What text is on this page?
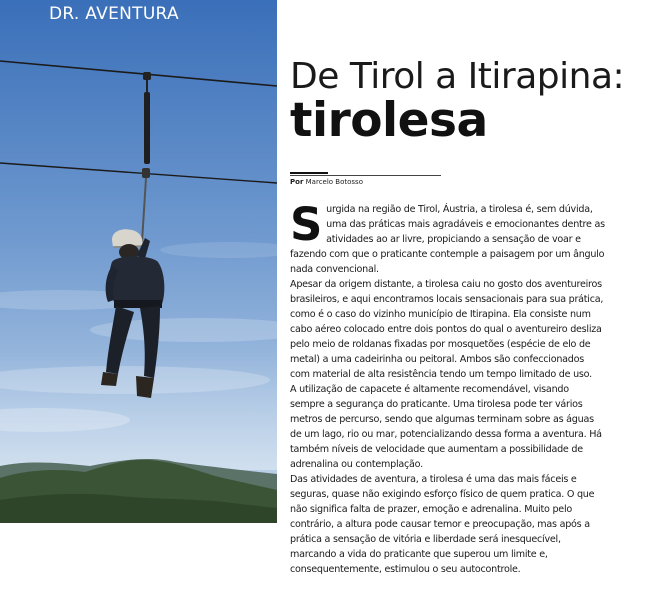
DR. AVENTURA
De Tirol a Itirapina:
tirolesa
Por Marcelo Botosso

Surgida na região de Tirol, Áustria, a tirolesa é, sem dúvida, uma das práticas mais agradáveis e emocionantes dentre as atividades ao ar livre, propiciando a sensação de voar e fazendo com que o praticante contemple a paisagem por um ângulo nada convencional.

Apesar da origem distante, a tirolesa caiu no gosto dos aventureiros brasileiros, e aqui encontramos locais sensacionais para sua prática, como é o caso do vizinho município de Itirapina. Ela consiste num cabo aéreo colocado entre dois pontos do qual o aventureiro desliza pelo meio de roldanas fixadas por mosquetões (espécie de elo de metal) a uma cadeirinha ou peitoral. Ambos são confeccionados com material de alta resistência tendo um tempo limitado de uso.

A utilização de capacete é altamente recomendável, visando sempre a segurança do praticante. Uma tirolesa pode ter vários metros de percurso, sendo que algumas terminam sobre as águas de um lago, rio ou mar, potencializando dessa forma a aventura. Há também níveis de velocidade que aumentam a possibilidade de adrenalina ou contemplação.

Das atividades de aventura, a tirolesa é uma das mais fáceis e seguras, quase não exigindo esforço físico de quem pratica. O que não significa falta de prazer, emoção e adrenalina. Muito pelo contrário, a altura pode causar temor e preocupação, mas após a prática a sensação de vitória e liberdade será inesquecível, marcando a vida do praticante que superou um limite e, consequentemente, estimulou o seu autocontrole.
